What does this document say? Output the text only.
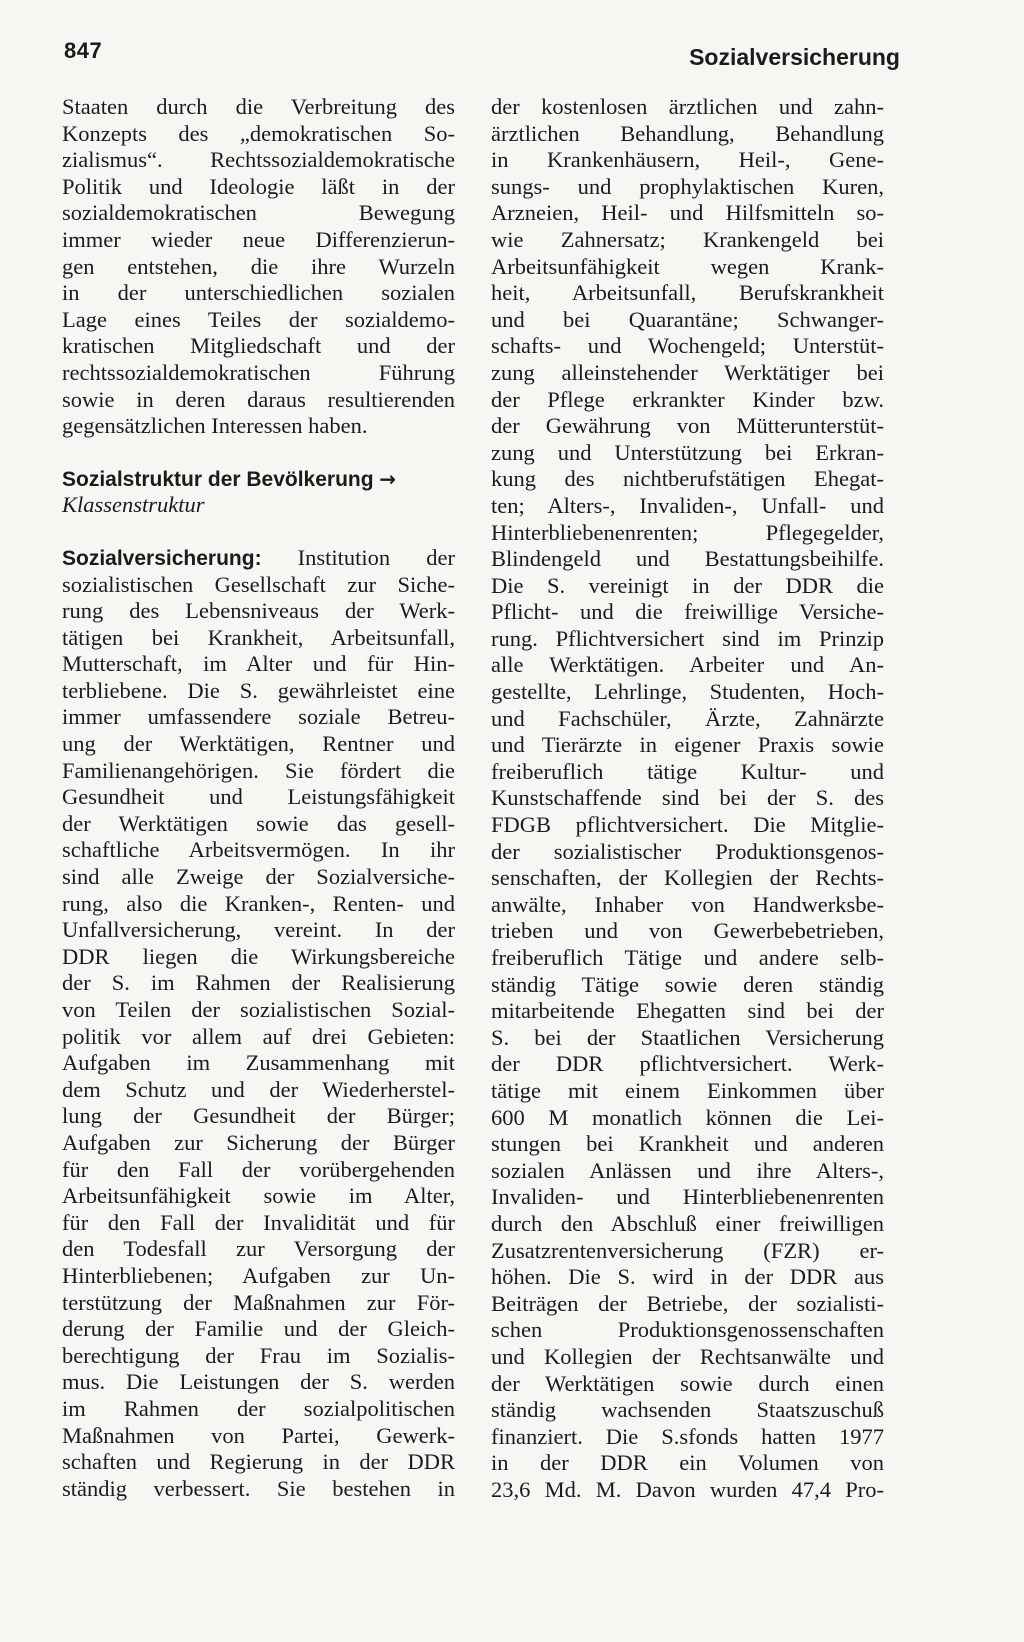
847	Sozialversicherung
Staaten durch die Verbreitung des
Konzepts des „demokratischen So-
zialismus“. Rechtssozialdemokratische
Politik und Ideologie läßt in der
sozialdemokratischen Bewegung
immer wieder neue Differenzierun-
gen entstehen, die ihre Wurzeln
in der unterschiedlichen sozialen
Lage eines Teiles der sozialdemo-
kratischen Mitgliedschaft und der
rechtssozialdemokratischen Führung
sowie in deren daraus resultierenden
gegensätzlichen Interessen haben.
Sozialstruktur der Bevölkerung →
Klassenstruktur
Sozialversicherung: Institution der
sozialistischen Gesellschaft zur Siche-
rung des Lebensniveaus der Werk-
tätigen bei Krankheit, Arbeitsunfall,
Mutterschaft, im Alter und für Hin-
terbliebene. Die S. gewährleistet eine
immer umfassendere soziale Betreu-
ung der Werktätigen, Rentner und
Familienangehörigen. Sie fördert die
Gesundheit und Leistungsfähigkeit
der Werktätigen sowie das gesell-
schaftliche Arbeitsvermögen. In ihr
sind alle Zweige der Sozialversiche-
rung, also die Kranken-, Renten- und
Unfallversicherung, vereint. In der
DDR liegen die Wirkungsbereiche
der S. im Rahmen der Realisierung
von Teilen der sozialistischen Sozial-
politik vor allem auf drei Gebieten:
Aufgaben im Zusammenhang mit
dem Schutz und der Wiederherstel-
lung der Gesundheit der Bürger;
Aufgaben zur Sicherung der Bürger
für den Fall der vorübergehenden
Arbeitsunfähigkeit sowie im Alter,
für den Fall der Invalidität und für
den Todesfall zur Versorgung der
Hinterbliebenen; Aufgaben zur Un-
terstützung der Maßnahmen zur För-
derung der Familie und der Gleich-
berechtigung der Frau im Sozialis-
mus. Die Leistungen der S. werden
im Rahmen der sozialpolitischen
Maßnahmen von Partei, Gewerk-
schaften und Regierung in der DDR
ständig verbessert. Sie bestehen in
der kostenlosen ärztlichen und zahn-
ärztlichen Behandlung, Behandlung
in Krankenhäusern, Heil-, Gene-
sungs- und prophylaktischen Kuren,
Arzneien, Heil- und Hilfsmitteln so-
wie Zahnersatz; Krankengeld bei
Arbeitsunfähigkeit wegen Krank-
heit, Arbeitsunfall, Berufskrankheit
und bei Quarantäne; Schwanger-
schafts- und Wochengeld; Unterstüt-
zung alleinstehender Werktätiger bei
der Pflege erkrankter Kinder bzw.
der Gewährung von Mütterunterstüt-
zung und Unterstützung bei Erkran-
kung des nichtberufstätigen Ehegat-
ten; Alters-, Invaliden-, Unfall- und
Hinterbliebenenrenten; Pflegegelder,
Blindengeld und Bestattungsbeihilfe.
Die S. vereinigt in der DDR die
Pflicht- und die freiwillige Versiche-
rung. Pflichtversichert sind im Prinzip
alle Werktätigen. Arbeiter und An-
gestellte, Lehrlinge, Studenten, Hoch-
und Fachschüler, Ärzte, Zahnärzte
und Tierärzte in eigener Praxis sowie
freiberuflich tätige Kultur- und
Kunstschaffende sind bei der S. des
FDGB pflichtversichert. Die Mitglie-
der sozialistischer Produktionsgenos-
senschaften, der Kollegien der Rechts-
anwälte, Inhaber von Handwerksbe-
trieben und von Gewerbebetrieben,
freiberuflich Tätige und andere selb-
ständig Tätige sowie deren ständig
mitarbeitende Ehegatten sind bei der
S. bei der Staatlichen Versicherung
der DDR pflichtversichert. Werk-
tätige mit einem Einkommen über
600 M monatlich können die Lei-
stungen bei Krankheit und anderen
sozialen Anlässen und ihre Alters-,
Invaliden- und Hinterbliebenenrenten
durch den Abschluß einer freiwilligen
Zusatzrentenversicherung (FZR) er-
höhen. Die S. wird in der DDR aus
Beiträgen der Betriebe, der sozialisti-
schen Produktionsgenossenschaften
und Kollegien der Rechtsanwälte und
der Werktätigen sowie durch einen
ständig wachsenden Staatszuschuß
finanziert. Die S.sfonds hatten 1977
in der DDR ein Volumen von
23,6 Md. M. Davon wurden 47,4 Pro-
